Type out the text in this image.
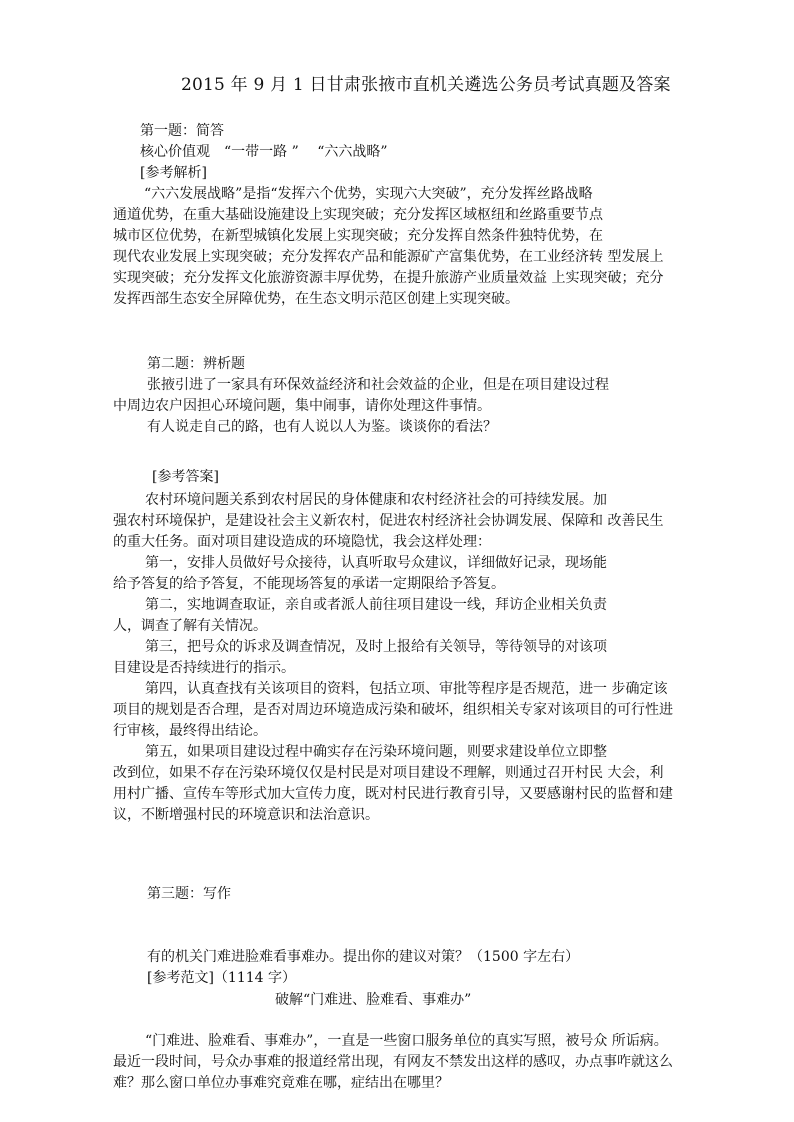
2015 年 9 月 1 日甘肃张掖市直机关遴选公务员考试真题及答案
第一题：简答
核心价值观　“一带一路 ”　 “六六战略”
[参考解析]
“六六发展战略”是指“发挥六个优势，实现六大突破”，充分发挥丝路战略
通道优势，在重大基础设施建设上实现突破；充分发挥区域枢纽和丝路重要节点
城市区位优势，在新型城镇化发展上实现突破；充分发挥自然条件独特优势，在
现代农业发展上实现突破；充分发挥农产品和能源矿产富集优势，在工业经济转 型发展上
实现突破；充分发挥文化旅游资源丰厚优势，在提升旅游产业质量效益 上实现突破；充分
发挥西部生态安全屏障优势，在生态文明示范区创建上实现突破。
第二题：辨析题
张掖引进了一家具有环保效益经济和社会效益的企业，但是在项目建设过程
中周边农户因担心环境问题，集中闹事，请你处理这件事情。
有人说走自己的路，也有人说以人为鉴。谈谈你的看法？
[参考答案]
农村环境问题关系到农村居民的身体健康和农村经济社会的可持续发展。加
强农村环境保护，是建设社会主义新农村，促进农村经济社会协调发展、保障和 改善民生
的重大任务。面对项目建设造成的环境隐忧，我会这样处理：
第一，安排人员做好号众接待，认真听取号众建议，详细做好记录，现场能
给予答复的给予答复，不能现场答复的承诺一定期限给予答复。
第二，实地调查取证，亲自或者派人前往项目建设一线，拜访企业相关负责
人，调查了解有关情况。
第三，把号众的诉求及调查情况，及时上报给有关领导，等待领导的对该项
目建设是否持续进行的指示。
第四，认真查找有关该项目的资料，包括立项、审批等程序是否规范，进一 步确定该
项目的规划是否合理，是否对周边环境造成污染和破坏，组织相关专家对该项目的可行性进
行审核，最终得出结论。
第五，如果项目建设过程中确实存在污染环境问题，则要求建设单位立即整
改到位，如果不存在污染环境仅仅是村民是对项目建设不理解，则通过召开村民 大会，利
用村广播、宣传车等形式加大宣传力度，既对村民进行教育引导，又要感谢村民的监督和建
议，不断增强村民的环境意识和法治意识。
第三题：写作
有的机关门难进脸难看事难办。提出你的建议对策？（1500 字左右）
[参考范文]（1114 字）
破解“门难进、脸难看、事难办”
“门难进、脸难看、事难办”，一直是一些窗口服务单位的真实写照，被号众 所诟病。
最近一段时间，号众办事难的报道经常出现，有网友不禁发出这样的感叹，办点事咋就这么
难？那么窗口单位办事难究竟难在哪，症结出在哪里？
